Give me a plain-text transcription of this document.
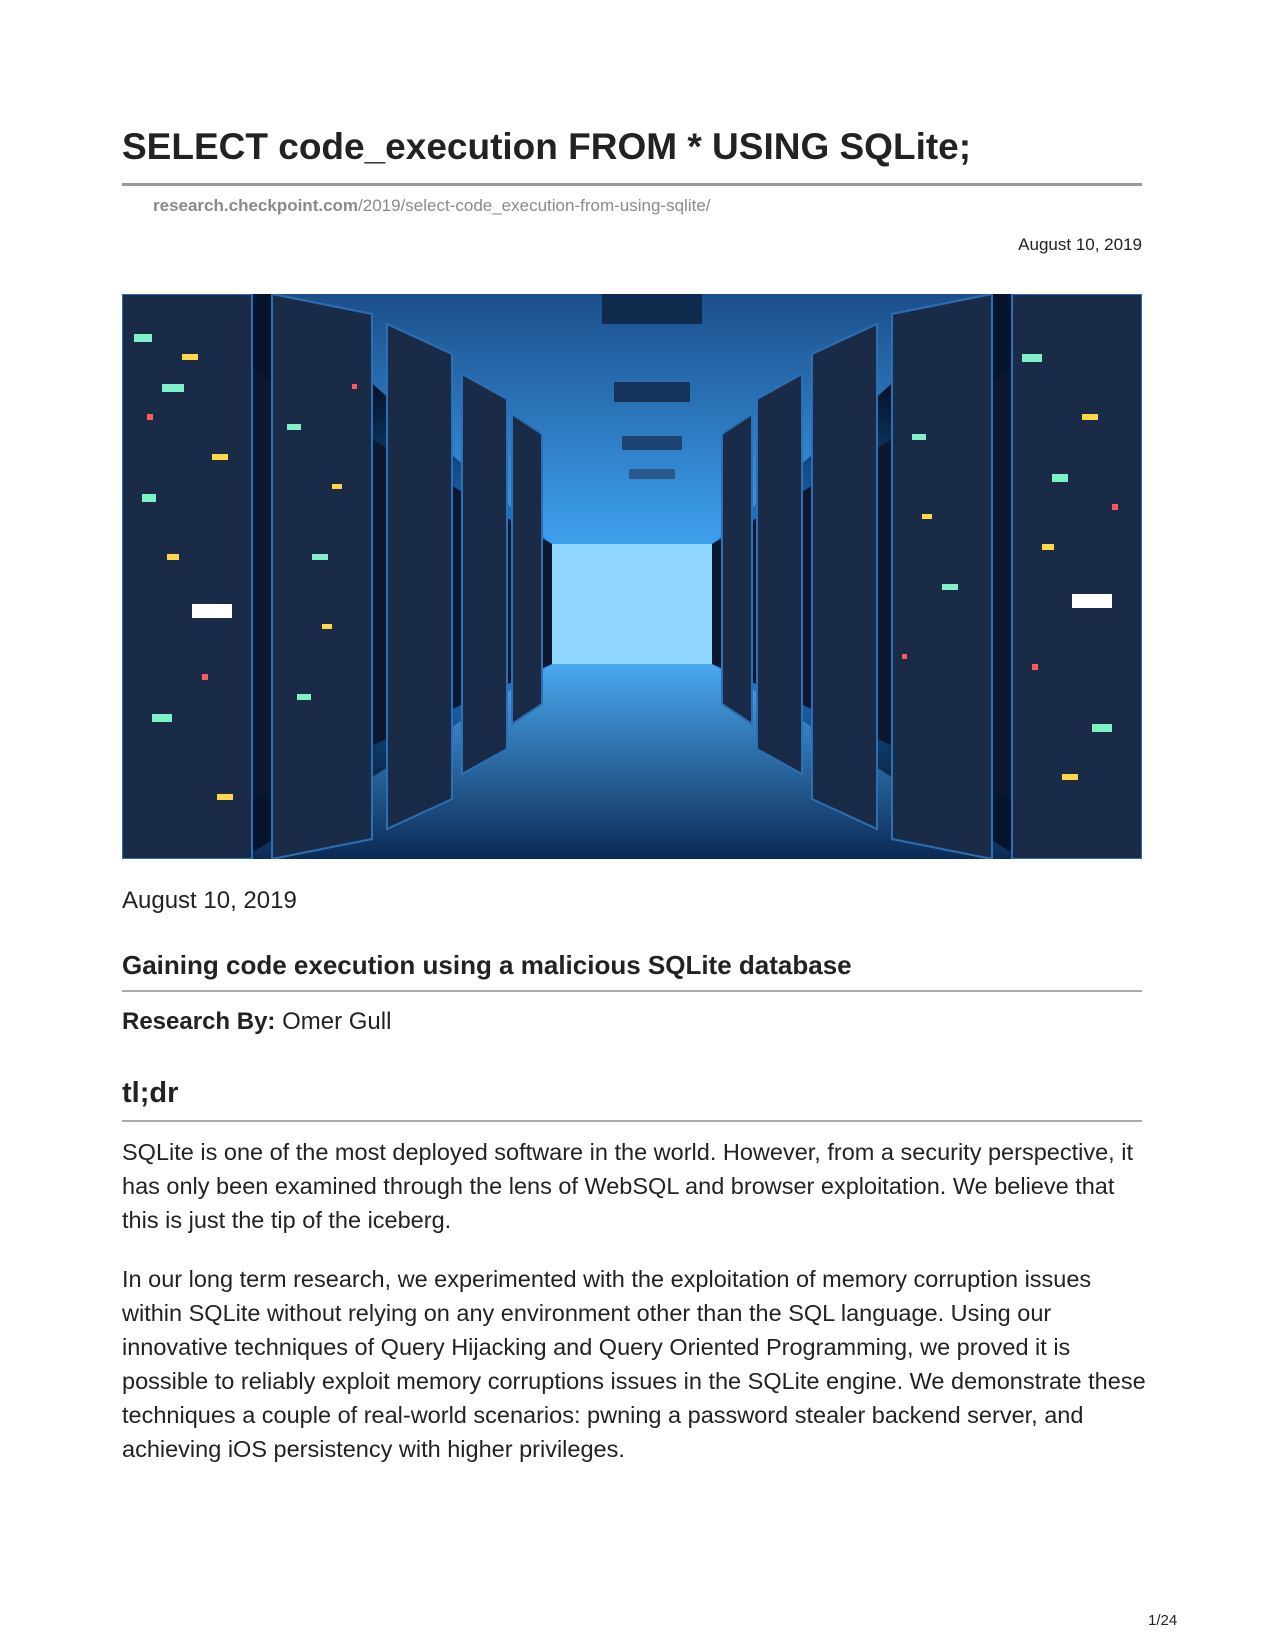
SELECT code_execution FROM * USING SQLite;
research.checkpoint.com/2019/select-code_execution-from-using-sqlite/
August 10, 2019
August 10, 2019
Gaining code execution using a malicious SQLite database
Research By: Omer Gull
tl;dr

SQLite is one of the most deployed software in the world. However, from a security perspective, it has only been examined through the lens of WebSQL and browser exploitation. We believe that this is just the tip of the iceberg.

In our long term research, we experimented with the exploitation of memory corruption issues within SQLite without relying on any environment other than the SQL language. Using our innovative techniques of Query Hijacking and Query Oriented Programming, we proved it is possible to reliably exploit memory corruptions issues in the SQLite engine. We demonstrate these techniques a couple of real-world scenarios: pwning a password stealer backend server, and achieving iOS persistency with higher privileges.

1/24
